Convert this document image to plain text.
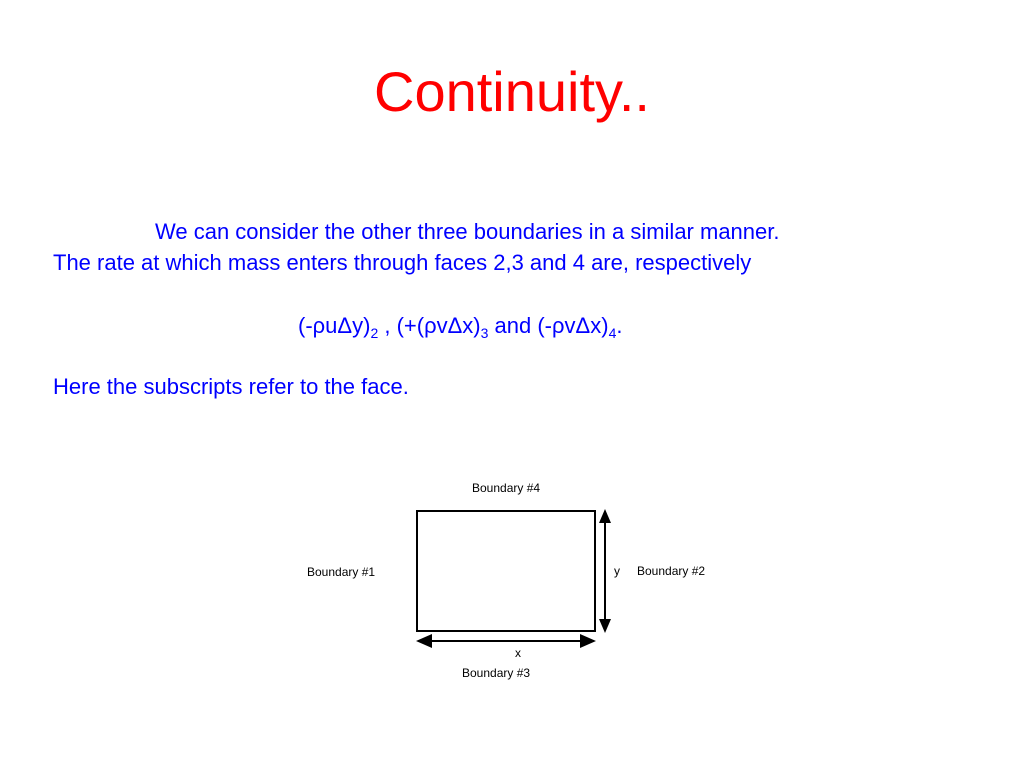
Continuity..
We can consider the other three boundaries in a similar manner.
The rate at which mass enters through faces 2,3 and 4 are, respectively
$(-\rho u\Delta y)_2$ , ($+(\rho v\Delta x)_3$ and $(-\rho v\Delta x)_4$.
Here the subscripts refer to the face.
Boundary #4
Boundary #1	y Boundary #2
x
Boundary #3
